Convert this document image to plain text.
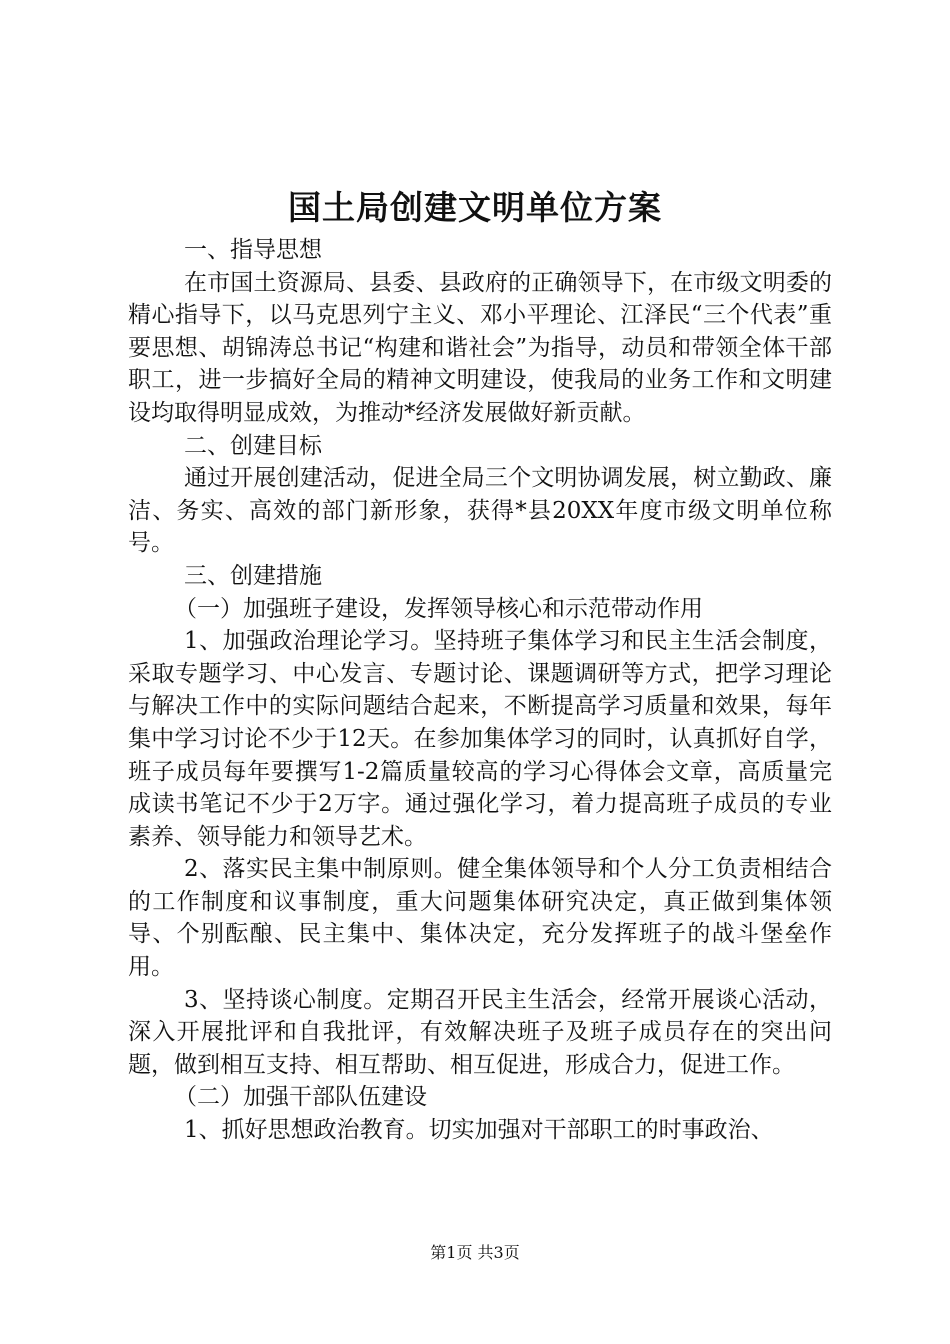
国土局创建文明单位方案

一、指导思想

在市国土资源局、县委、县政府的正确领导下，在市级文明委的精心指导下，以马克思列宁主义、邓小平理论、江泽民“三个代表”重要思想、胡锦涛总书记“构建和谐社会”为指导，动员和带领全体干部职工，进一步搞好全局的精神文明建设，使我局的业务工作和文明建设均取得明显成效，为推动*经济发展做好新贡献。

二、创建目标

通过开展创建活动，促进全局三个文明协调发展，树立勤政、廉洁、务实、高效的部门新形象，获得*县20XX年度市级文明单位称号。

三、创建措施

（一）加强班子建设，发挥领导核心和示范带动作用

1、加强政治理论学习。坚持班子集体学习和民主生活会制度，采取专题学习、中心发言、专题讨论、课题调研等方式，把学习理论与解决工作中的实际问题结合起来，不断提高学习质量和效果，每年集中学习讨论不少于12天。在参加集体学习的同时，认真抓好自学，班子成员每年要撰写1-2篇质量较高的学习心得体会文章，高质量完成读书笔记不少于2万字。通过强化学习，着力提高班子成员的专业素养、领导能力和领导艺术。

2、落实民主集中制原则。健全集体领导和个人分工负责相结合的工作制度和议事制度，重大问题集体研究决定，真正做到集体领导、个别酝酿、民主集中、集体决定，充分发挥班子的战斗堡垒作用。

3、坚持谈心制度。定期召开民主生活会，经常开展谈心活动，深入开展批评和自我批评，有效解决班子及班子成员存在的突出问题，做到相互支持、相互帮助、相互促进，形成合力，促进工作。

（二）加强干部队伍建设

1、抓好思想政治教育。切实加强对干部职工的时事政治、

第1页 共3页
